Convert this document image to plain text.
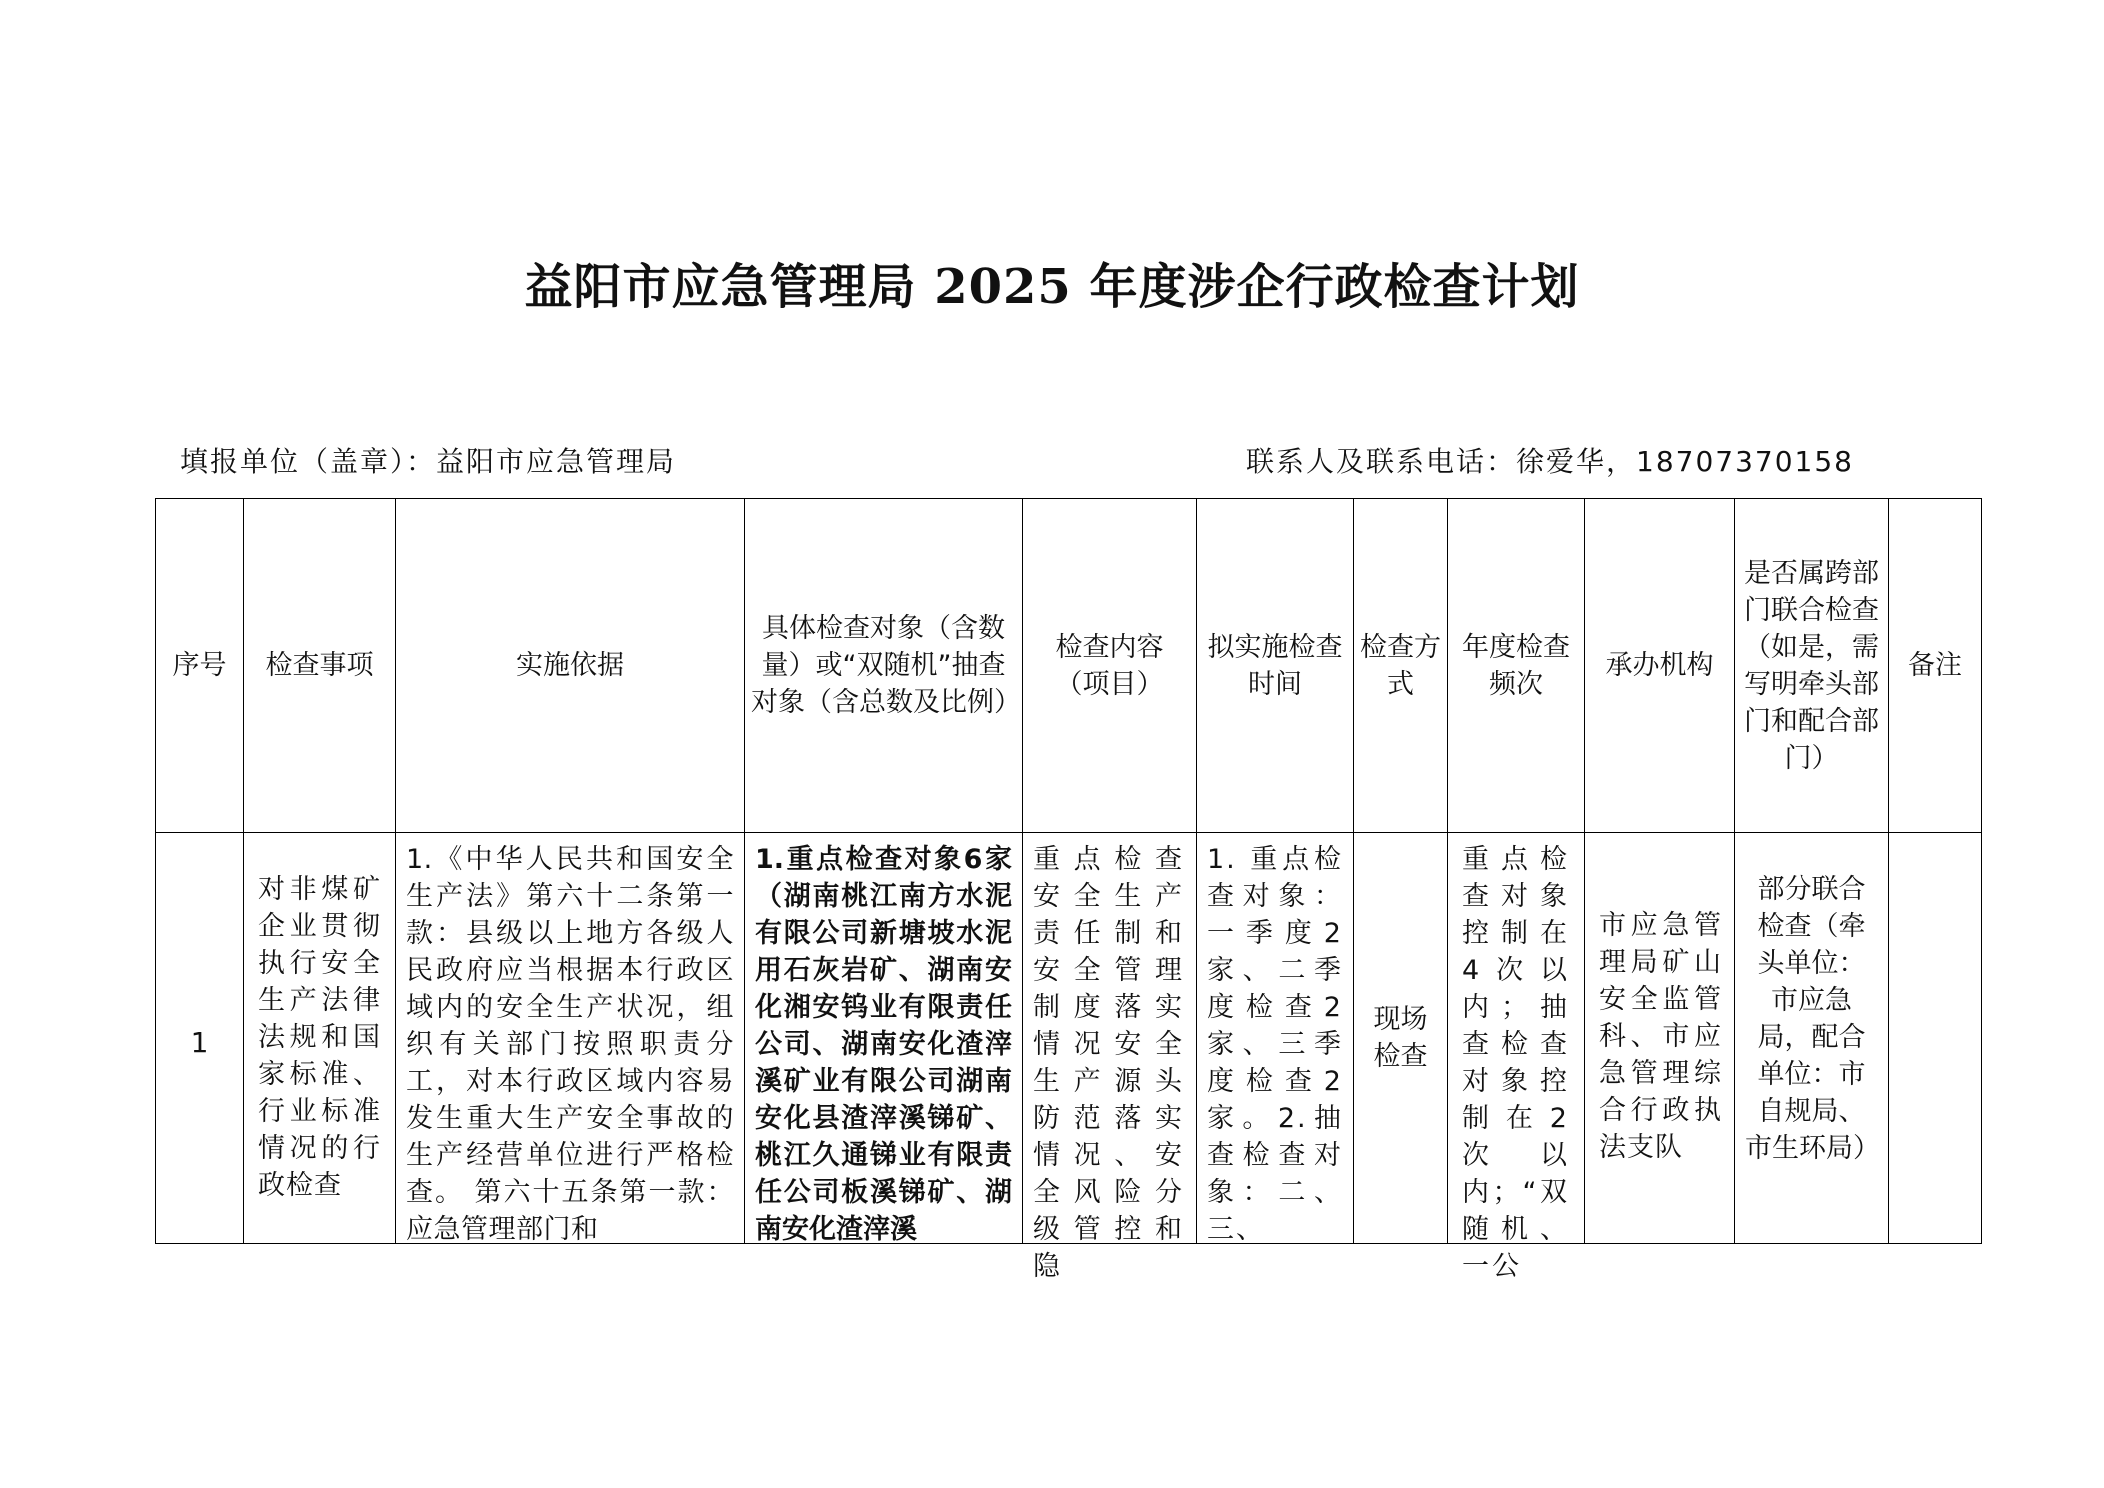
益阳市应急管理局 2025 年度涉企行政检查计划
填报单位（盖章）：益阳市应急管理局	联系人及联系电话：徐爱华，18707370158
序号	检查事项	实施依据	具体检查对象（含数量）或“双随机”抽查对象（含总数及比例）	检查内容（项目）	拟实施检查时间	检查方式	年度检查频次	承办机构	是否属跨部门联合检查（如是，需写明牵头部门和配合部门）	备注

1	对非煤矿企业贯彻执行安全生产法律法规和国家标准、行业标准情况的行政检查	1.《中华人民共和国安全生产法》第六十二条第一款：县级以上地方各级人民政府应当根据本行政区域内的安全生产状况，组织有关部门按照职责分工，对本行政区域内容易发生重大生产安全事故的生产经营单位进行严格检查。 第六十五条第一款：应急管理部门和	1.重点检查对象6家（湖南桃江南方水泥有限公司新塘坡水泥用石灰岩矿、湖南安化湘安钨业有限责任公司、湖南安化渣滓溪矿业有限公司湖南安化县渣滓溪锑矿、桃江久通锑业有限责任公司板溪锑矿、湖南安化渣滓溪	重点检查安全生产责任制和安全管理制度落实情况安全生产源头防范落实情况、安全风险分级管控和隐	1. 重点检查对象：一季度2家、二季度检查2家、三季度检查2家。2.抽查检查对象：二、三、	现场检查	重点检查对象控制在4次以内；抽查检查对象控制在2次以内；“双随机、一公	市应急管理局矿山安全监管科、市应急管理综合行政执法支队	部分联合检查（牵头单位：市应急局，配合单位：市自规局、市生环局）	
